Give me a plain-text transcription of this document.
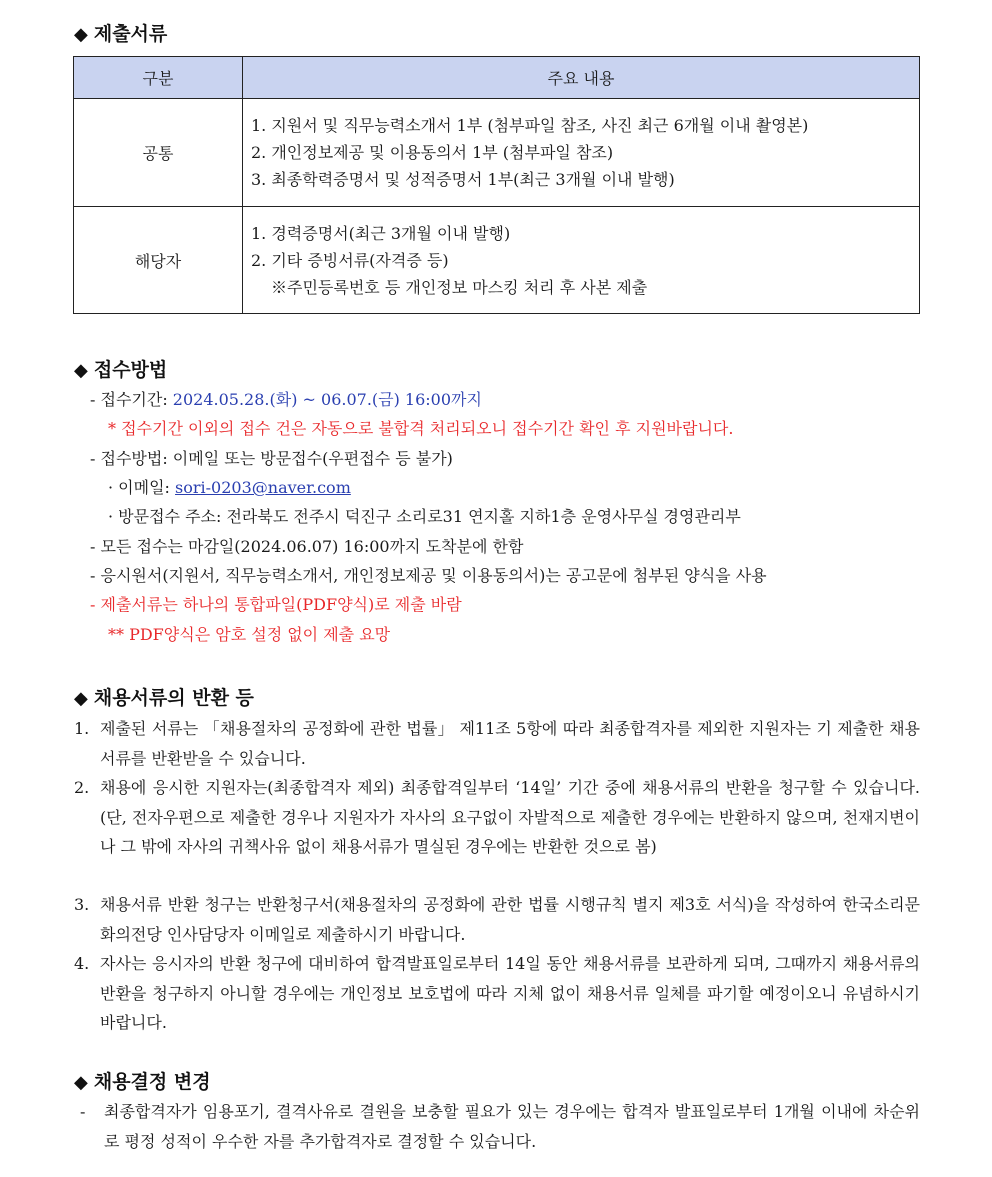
◆ 제출서류
구분	주요 내용
공통	1. 지원서 및 직무능력소개서 1부 (첨부파일 참조, 사진 최근 6개월 이내 촬영본)
2. 개인정보제공 및 이용동의서 1부 (첨부파일 참조)
3. 최종학력증명서 및 성적증명서 1부(최근 3개월 이내 발행)

해당자	1. 경력증명서(최근 3개월 이내 발행)
2. 기타 증빙서류(자격증 등)
※주민등록번호 등 개인정보 마스킹 처리 후 사본 제출
◆ 접수방법
- 접수기간: 2024.05.28.(화) ~ 06.07.(금) 16:00까지
* 접수기간 이외의 접수 건은 자동으로 불합격 처리되오니 접수기간 확인 후 지원바랍니다.
- 접수방법: 이메일 또는 방문접수(우편접수 등 불가)
· 이메일: sori-0203@naver.com
· 방문접수 주소: 전라북도 전주시 덕진구 소리로31 연지홀 지하1층 운영사무실 경영관리부
- 모든 접수는 마감일(2024.06.07) 16:00까지 도착분에 한함
- 응시원서(지원서, 직무능력소개서, 개인정보제공 및 이용동의서)는 공고문에 첨부된 양식을 사용
- 제출서류는 하나의 통합파일(PDF양식)로 제출 바람
** PDF양식은 암호 설정 없이 제출 요망
◆ 채용서류의 반환 등
1. 제출된 서류는 「채용절차의 공정화에 관한 법률」 제11조 5항에 따라 최종합격자를 제외한 지원자는 기 제출한 채용서류를 반환받을 수 있습니다.
2. 채용에 응시한 지원자는(최종합격자 제외) 최종합격일부터 ‘14일’ 기간 중에 채용서류의 반환을 청구할 수 있습니다.(단, 전자우편으로 제출한 경우나 지원자가 자사의 요구없이 자발적으로 제출한 경우에는 반환하지 않으며, 천재지변이나 그 밖에 자사의 귀책사유 없이 채용서류가 멸실된 경우에는 반환한 것으로 봄)
3. 채용서류 반환 청구는 반환청구서(채용절차의 공정화에 관한 법률 시행규칙 별지 제3호 서식)을 작성하여 한국소리문화의전당 인사담당자 이메일로 제출하시기 바랍니다.
4. 자사는 응시자의 반환 청구에 대비하여 합격발표일로부터 14일 동안 채용서류를 보관하게 되며, 그때까지 채용서류의 반환을 청구하지 아니할 경우에는 개인정보 보호법에 따라 지체 없이 채용서류 일체를 파기할 예정이오니 유념하시기 바랍니다.
◆ 채용결정 변경
- 최종합격자가 임용포기, 결격사유로 결원을 보충할 필요가 있는 경우에는 합격자 발표일로부터 1개월 이내에 차순위로 평정 성적이 우수한 자를 추가합격자로 결정할 수 있습니다.
